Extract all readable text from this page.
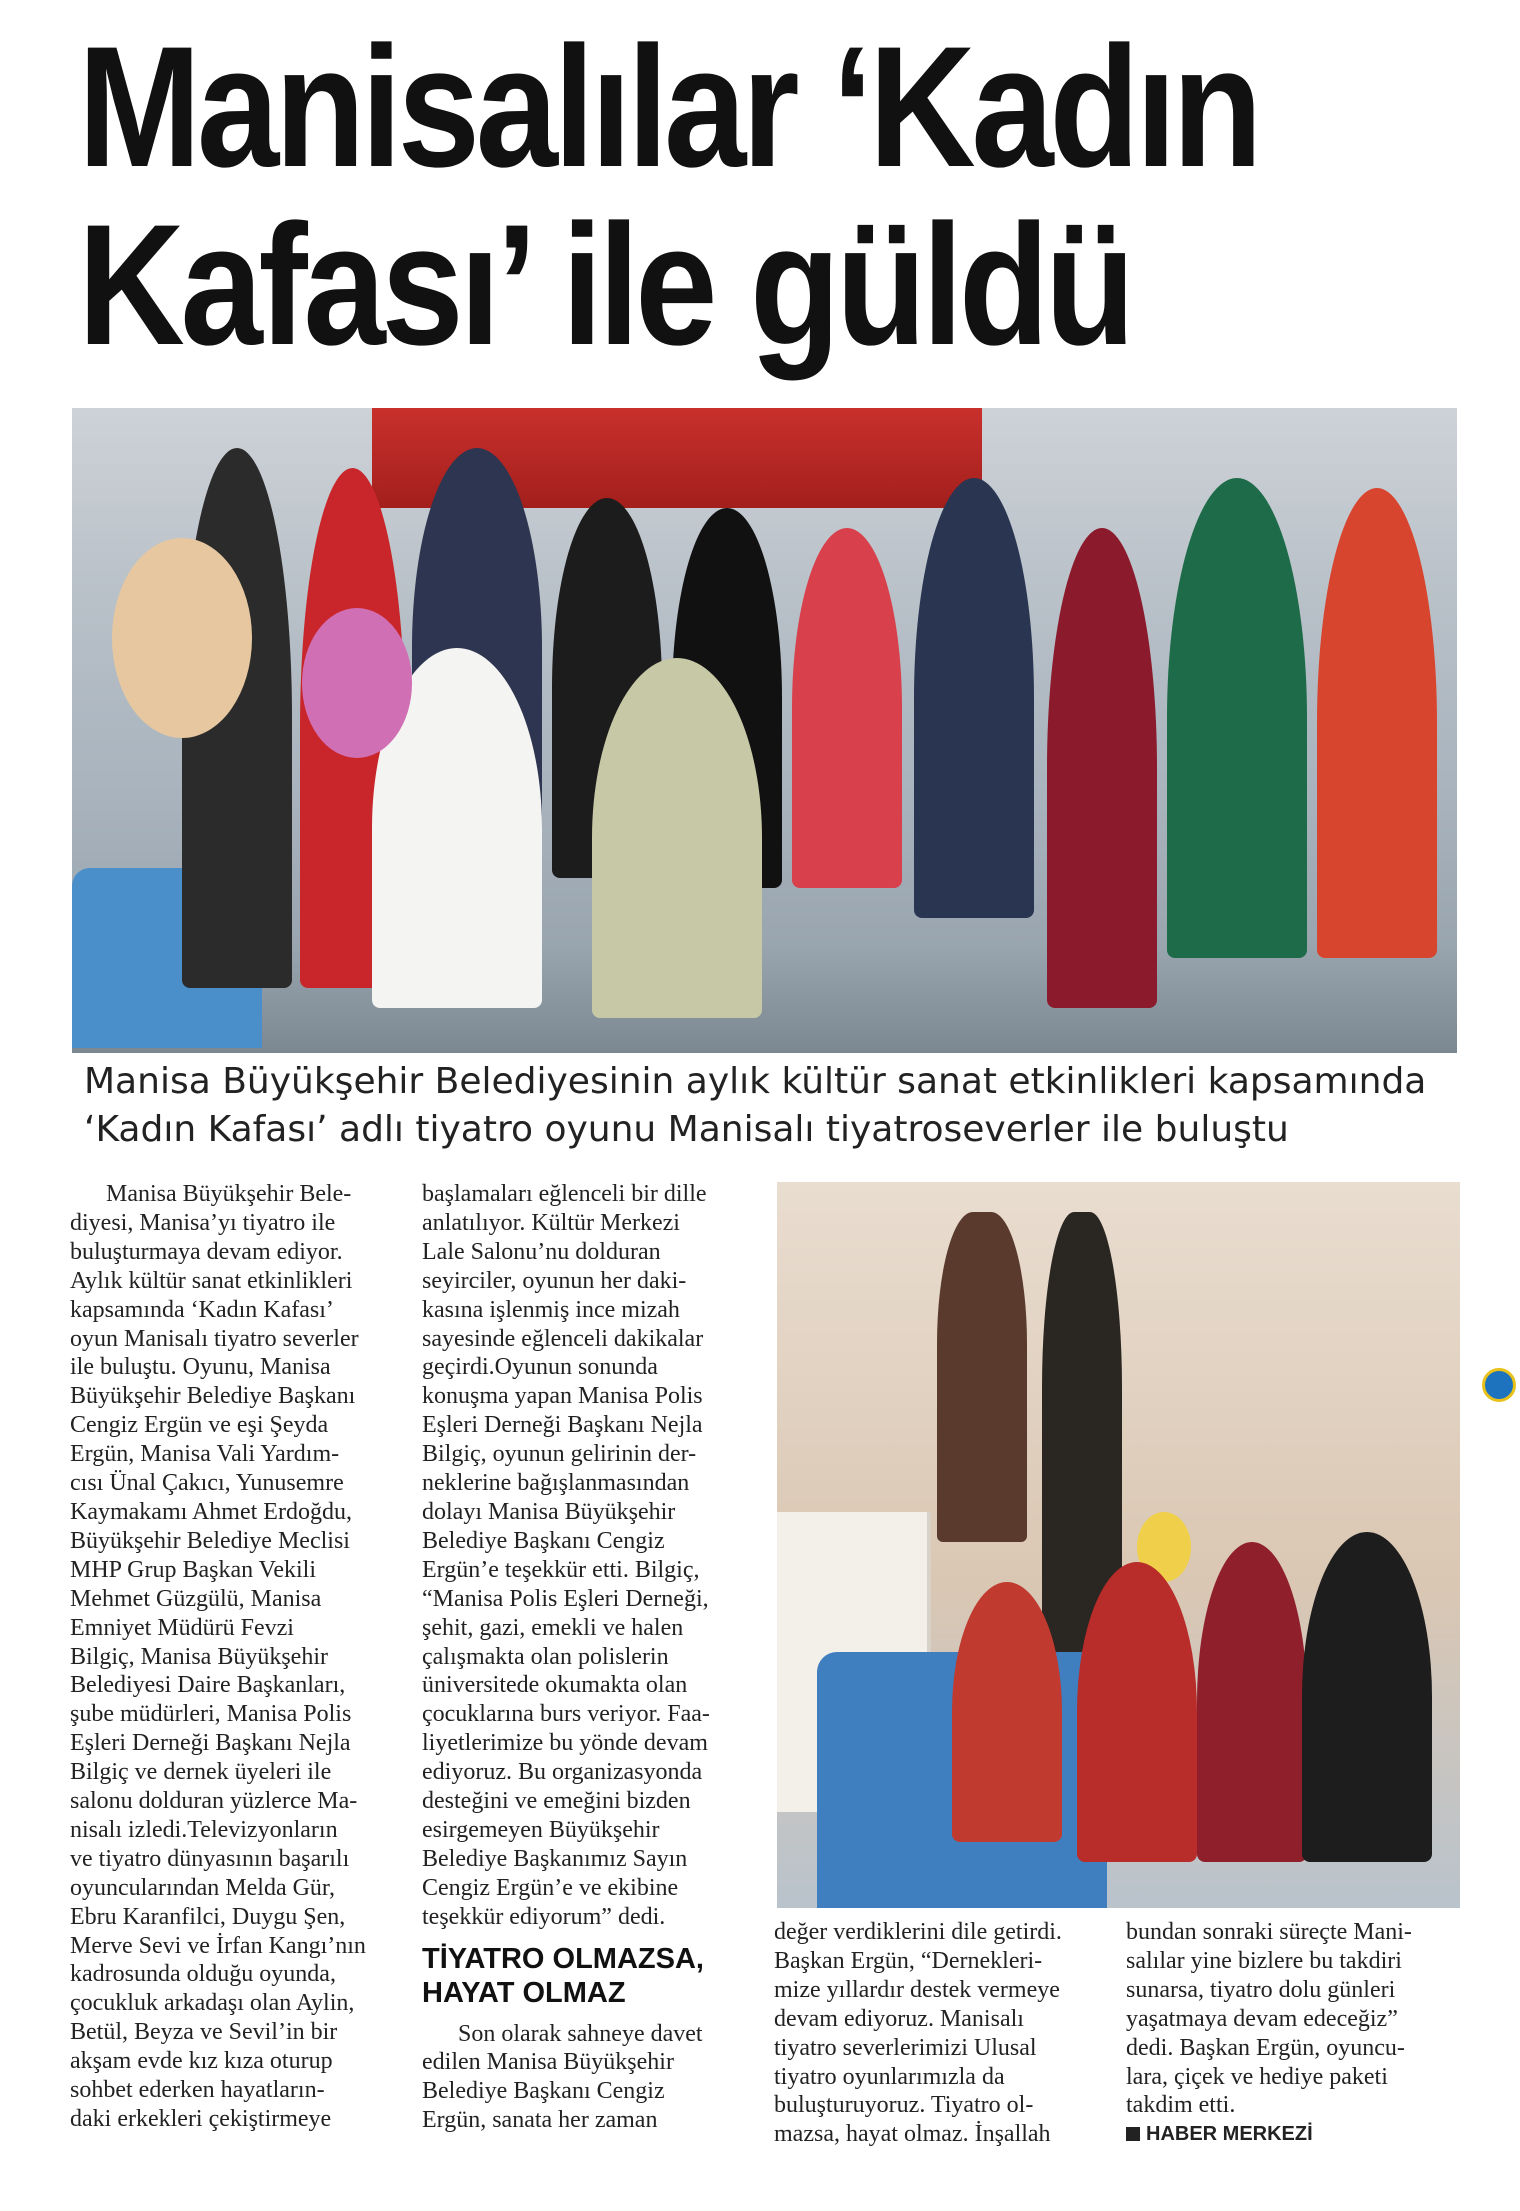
Manisalılar ‘Kadın
Kafası’ ile güldü
Manisa Büyükşehir Belediyesinin aylık kültür sanat etkinlikleri kapsamında
‘Kadın Kafası’ adlı tiyatro oyunu Manisalı tiyatroseverler ile buluştu
Manisa Büyükşehir Bele-
diyesi, Manisa’yı tiyatro ile
buluşturmaya devam ediyor.
Aylık kültür sanat etkinlikleri
kapsamında ‘Kadın Kafası’
oyun Manisalı tiyatro severler
ile buluştu. Oyunu, Manisa
Büyükşehir Belediye Başkanı
Cengiz Ergün ve eşi Şeyda
Ergün, Manisa Vali Yardım-
cısı Ünal Çakıcı, Yunusemre
Kaymakamı Ahmet Erdoğdu,
Büyükşehir Belediye Meclisi
MHP Grup Başkan Vekili
Mehmet Güzgülü, Manisa
Emniyet Müdürü Fevzi
Bilgiç, Manisa Büyükşehir
Belediyesi Daire Başkanları,
şube müdürleri, Manisa Polis
Eşleri Derneği Başkanı Nejla
Bilgiç ve dernek üyeleri ile
salonu dolduran yüzlerce Ma-
nisalı izledi.Televizyonların
ve tiyatro dünyasının başarılı
oyuncularından Melda Gür,
Ebru Karanfilci, Duygu Şen,
Merve Sevi ve İrfan Kangı’nın
kadrosunda olduğu oyunda,
çocukluk arkadaşı olan Aylin,
Betül, Beyza ve Sevil’in bir
akşam evde kız kıza oturup
sohbet ederken hayatların-
daki erkekleri çekiştirmeye
başlamaları eğlenceli bir dille
anlatılıyor. Kültür Merkezi
Lale Salonu’nu dolduran
seyirciler, oyunun her daki-
kasına işlenmiş ince mizah
sayesinde eğlenceli dakikalar
geçirdi.Oyunun sonunda
konuşma yapan Manisa Polis
Eşleri Derneği Başkanı Nejla
Bilgiç, oyunun gelirinin der-
neklerine bağışlanmasından
dolayı Manisa Büyükşehir
Belediye Başkanı Cengiz
Ergün’e teşekkür etti. Bilgiç,
“Manisa Polis Eşleri Derneği,
şehit, gazi, emekli ve halen
çalışmakta olan polislerin
üniversitede okumakta olan
çocuklarına burs veriyor. Faa-
liyetlerimize bu yönde devam
ediyoruz. Bu organizasyonda
desteğini ve emeğini bizden
esirgemeyen Büyükşehir
Belediye Başkanımız Sayın
Cengiz Ergün’e ve ekibine
teşekkür ediyorum” dedi.
TİYATRO OLMAZSA,
HAYAT OLMAZ
Son olarak sahneye davet
edilen Manisa Büyükşehir
Belediye Başkanı Cengiz
Ergün, sanata her zaman
değer verdiklerini dile getirdi.
Başkan Ergün, “Dernekleri-
mize yıllardır destek vermeye
devam ediyoruz. Manisalı
tiyatro severlerimizi Ulusal
tiyatro oyunlarımızla da
buluşturuyoruz. Tiyatro ol-
mazsa, hayat olmaz. İnşallah
bundan sonraki süreçte Mani-
salılar yine bizlere bu takdiri
sunarsa, tiyatro dolu günleri
yaşatmaya devam edeceğiz”
dedi. Başkan Ergün, oyuncu-
lara, çiçek ve hediye paketi
takdim etti.
HABER MERKEZİ
